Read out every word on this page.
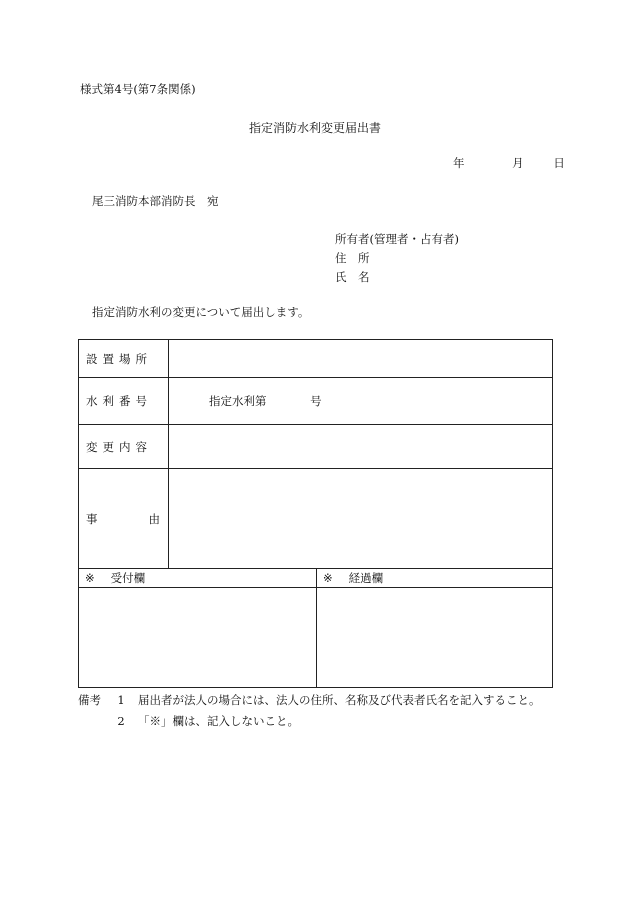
様式第4号(第7条関係)
指定消防水利変更届出書
年	月	日
尾三消防本部消防長　宛
所有者(管理者・占有者)
住　所
氏　名
指定消防水利の変更について届出します。
設置場所	
水利番号	指定水利第 号
変更内容	

事 由	

※ 受付欄	※ 経過欄

備考	1	届出者が法人の場合には、法人の住所、名称及び代表者氏名を記入すること。
2	「※」欄は、記入しないこと。
